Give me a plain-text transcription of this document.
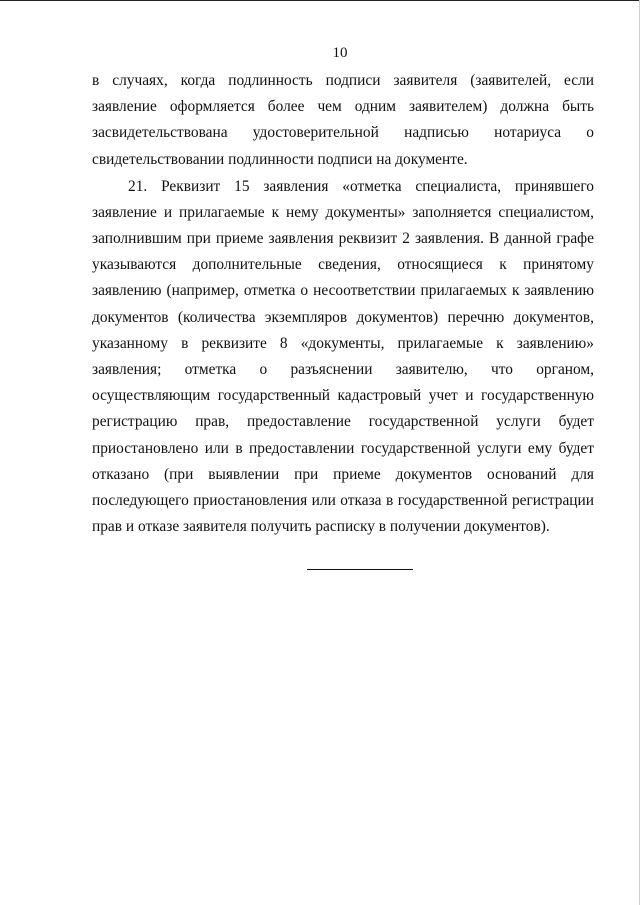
10

в случаях, когда подлинность подписи заявителя (заявителей, если заявление оформляется более чем одним заявителем) должна быть засвидетельствована удостоверительной надписью нотариуса о свидетельствовании подлинности подписи на документе.

21. Реквизит 15 заявления «отметка специалиста, принявшего заявление и прилагаемые к нему документы» заполняется специалистом, заполнившим при приеме заявления реквизит 2 заявления. В данной графе указываются дополнительные сведения, относящиеся к принятому заявлению (например, отметка о несоответствии прилагаемых к заявлению документов (количества экземпляров документов) перечню документов, указанному в реквизите 8 «документы, прилагаемые к заявлению» заявления; отметка о разъяснении заявителю, что органом, осуществляющим государственный кадастровый учет и государственную регистрацию прав, предоставление государственной услуги будет приостановлено или в предоставлении государственной услуги ему будет отказано (при выявлении при приеме документов оснований для последующего приостановления или отказа в государственной регистрации прав и отказе заявителя получить расписку в получении документов).
